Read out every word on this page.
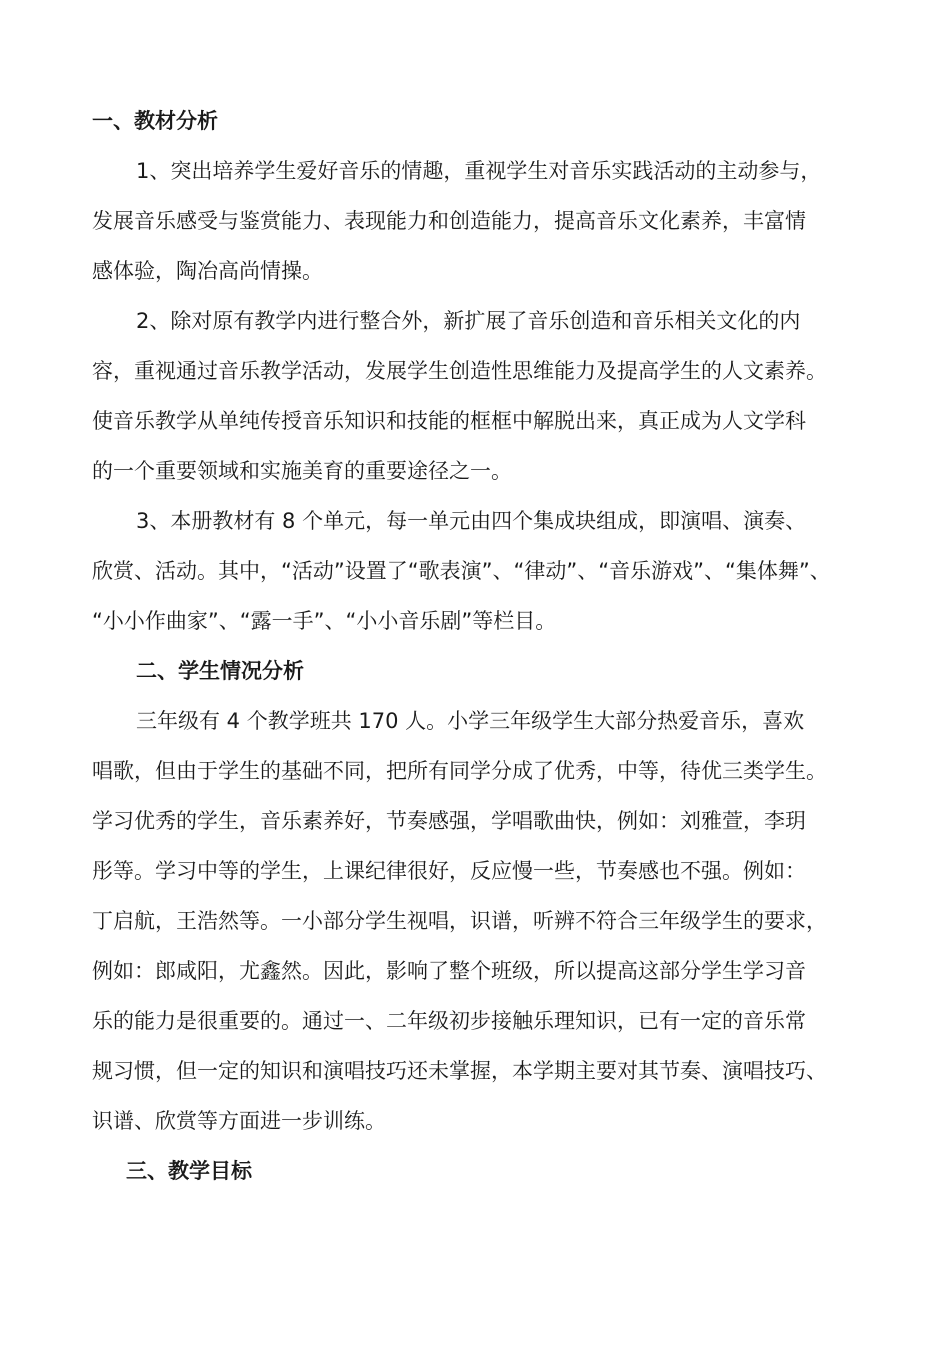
一、教材分析
1、突出培养学生爱好音乐的情趣，重视学生对音乐实践活动的主动参与，
发展音乐感受与鉴赏能力、表现能力和创造能力，提高音乐文化素养，丰富情
感体验，陶冶高尚情操。
2、除对原有教学内进行整合外，新扩展了音乐创造和音乐相关文化的内
容，重视通过音乐教学活动，发展学生创造性思维能力及提高学生的人文素养。
使音乐教学从单纯传授音乐知识和技能的框框中解脱出来，真正成为人文学科
的一个重要领域和实施美育的重要途径之一。
3、本册教材有 8 个单元，每一单元由四个集成块组成，即演唱、演奏、
欣赏、活动。其中，“活动”设置了“歌表演”、“律动”、“音乐游戏”、“集体舞”、
“小小作曲家”、“露一手”、“小小音乐剧”等栏目。
二、学生情况分析
三年级有 4 个教学班共 170 人。小学三年级学生大部分热爱音乐，喜欢
唱歌，但由于学生的基础不同，把所有同学分成了优秀，中等，待优三类学生。
学习优秀的学生，音乐素养好，节奏感强，学唱歌曲快，例如：刘雅萱，李玥
彤等。学习中等的学生，上课纪律很好，反应慢一些，节奏感也不强。例如：
丁启航，王浩然等。一小部分学生视唱，识谱，听辨不符合三年级学生的要求，
例如：郎咸阳，尤鑫然。因此，影响了整个班级，所以提高这部分学生学习音
乐的能力是很重要的。通过一、二年级初步接触乐理知识，已有一定的音乐常
规习惯，但一定的知识和演唱技巧还未掌握，本学期主要对其节奏、演唱技巧、
识谱、欣赏等方面进一步训练。
三、教学目标
